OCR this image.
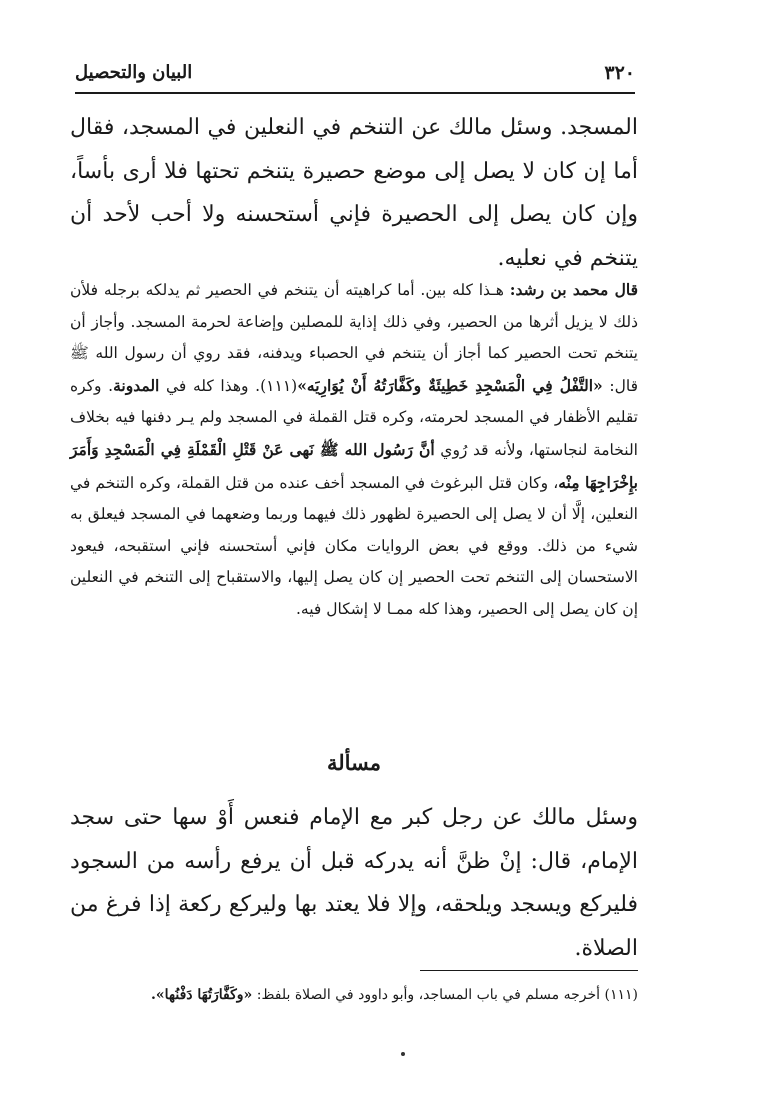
البيان والتحصيل	٣٢٠

المسجد. وسئل مالك عن التنخم في النعلين في المسجد، فقال أما إن كان لا يصل إلى موضع حصيرة يتنخم تحتها فلا أرى بأساً، وإن كان يصل إلى الحصيرة فإني أستحسنه ولا أحب لأحد أن يتنخم في نعليه.

قال محمد بن رشد: هـذا كله بين. أما كراهيته أن يتنخم في الحصير ثم يدلكه برجله فلأن ذلك لا يزيل أثرها من الحصير، وفي ذلك إذاية للمصلين وإضاعة لحرمة المسجد. وأجاز أن يتنخم تحت الحصير كما أجاز أن يتنخم في الحصباء ويدفنه، فقد روي أن رسول الله ﷺ قال: «التَّفْلُ فِي الْمَسْجِدِ خَطِيئَةٌ وكَفَّارَتُهُ أَنْ يُوَارِيَه»(١١١). وهذا كله في المدونة. وكره تقليم الأظفار في المسجد لحرمته، وكره قتل القملة في المسجد ولم يـر دفنها فيه بخلاف النخامة لنجاستها، ولأنه قد رُوي أنَّ رَسُول الله ﷺ نَهى عَنْ قَتْلِ الْقَمْلَةِ فِي الْمَسْجِدِ وَأَمَرَ بإِخْرَاجِهَا مِنْه، وكان قتل البرغوث في المسجد أخف عنده من قتل القملة، وكره التنخم في النعلين، إلَّا أن لا يصل إلى الحصيرة لظهور ذلك فيهما وربما وضعهما في المسجد فيعلق به شيء من ذلك. ووقع في بعض الروايات مكان فإني أستحسنه فإني استقبحه، فيعود الاستحسان إلى التنخم تحت الحصير إن كان يصل إليها، والاستقباح إلى التنخم في النعلين إن كان يصل إلى الحصير، وهذا كله ممـا لا إشكال فيه.

مسألة

وسئل مالك عن رجل كبر مع الإمام فنعس أَوْ سها حتى سجد الإمام، قال: إنْ ظنَّ أنه يدركه قبل أن يرفع رأسه من السجود فليركع ويسجد ويلحقه، وإلا فلا يعتد بها وليركع ركعة إذا فرغ من الصلاة.

(١١١) أخرجه مسلم في باب المساجد، وأبو داوود في الصلاة بلفظ: «وكَفَّارَتُهَا دَفْنُها».
